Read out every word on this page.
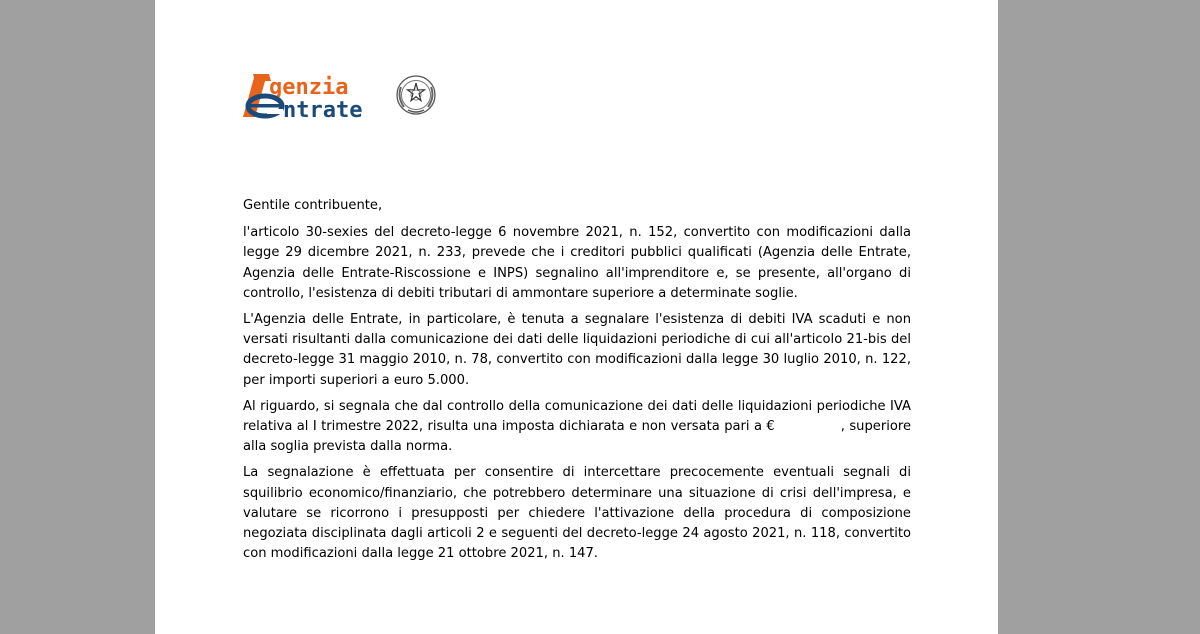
genzia
ntrate

Gentile contribuente,

l'articolo 30-sexies del decreto-legge 6 novembre 2021, n. 152, convertito con modificazioni dalla legge 29 dicembre 2021, n. 233, prevede che i creditori pubblici qualificati (Agenzia delle Entrate, Agenzia delle Entrate-Riscossione e INPS) segnalino all'imprenditore e, se presente, all'organo di controllo, l'esistenza di debiti tributari di ammontare superiore a determinate soglie.

L'Agenzia delle Entrate, in particolare, è tenuta a segnalare l'esistenza di debiti IVA scaduti e non versati risultanti dalla comunicazione dei dati delle liquidazioni periodiche di cui all'articolo 21-bis del decreto-legge 31 maggio 2010, n. 78, convertito con modificazioni dalla legge 30 luglio 2010, n. 122, per importi superiori a euro 5.000.

Al riguardo, si segnala che dal controllo della comunicazione dei dati delle liquidazioni periodiche IVA relativa al I trimestre 2022, risulta una imposta dichiarata e non versata pari a €	, superiore alla soglia prevista dalla norma.

La segnalazione è effettuata per consentire di intercettare precocemente eventuali segnali di squilibrio economico/finanziario, che potrebbero determinare una situazione di crisi dell'impresa, e valutare se ricorrono i presupposti per chiedere l'attivazione della procedura di composizione negoziata disciplinata dagli articoli 2 e seguenti del decreto-legge 24 agosto 2021, n. 118, convertito con modificazioni dalla legge 21 ottobre 2021, n. 147.
